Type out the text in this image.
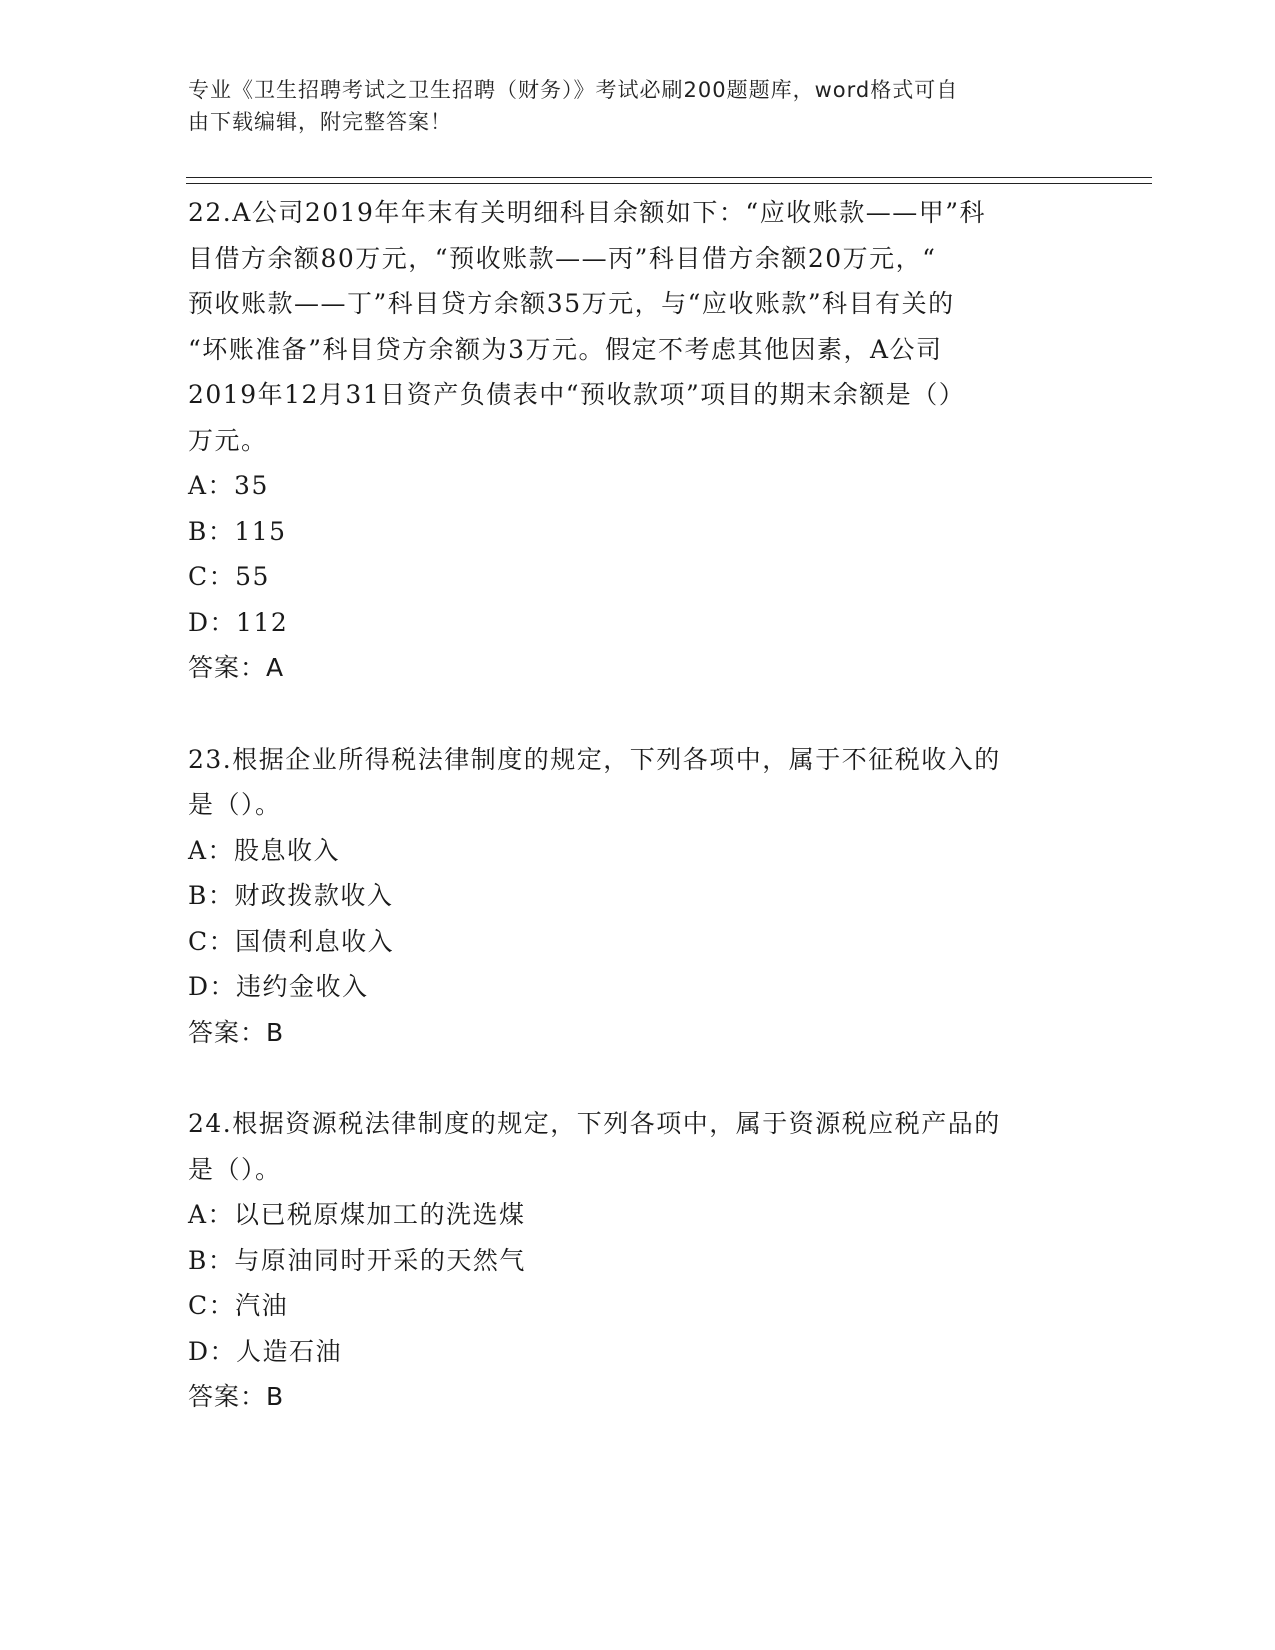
专业《卫生招聘考试之卫生招聘（财务）》考试必刷200题题库，word格式可自
由下载编辑，附完整答案！

22.A公司2019年年末有关明细科目余额如下：“应收账款——甲”科

目借方余额80万元，“预收账款——丙”科目借方余额20万元，“

预收账款——丁”科目贷方余额35万元，与“应收账款”科目有关的

“坏账准备”科目贷方余额为3万元。假定不考虑其他因素，A公司

2019年12月31日资产负债表中“预收款项”项目的期末余额是（）

万元。

A：35

B：115

C：55

D：112

答案：A

23.根据企业所得税法律制度的规定，下列各项中，属于不征税收入的

是（）。

A：股息收入

B：财政拨款收入

C：国债利息收入

D：违约金收入

答案：B

24.根据资源税法律制度的规定，下列各项中，属于资源税应税产品的

是（）。

A：以已税原煤加工的洗选煤

B：与原油同时开采的天然气

C：汽油

D：人造石油

答案：B
